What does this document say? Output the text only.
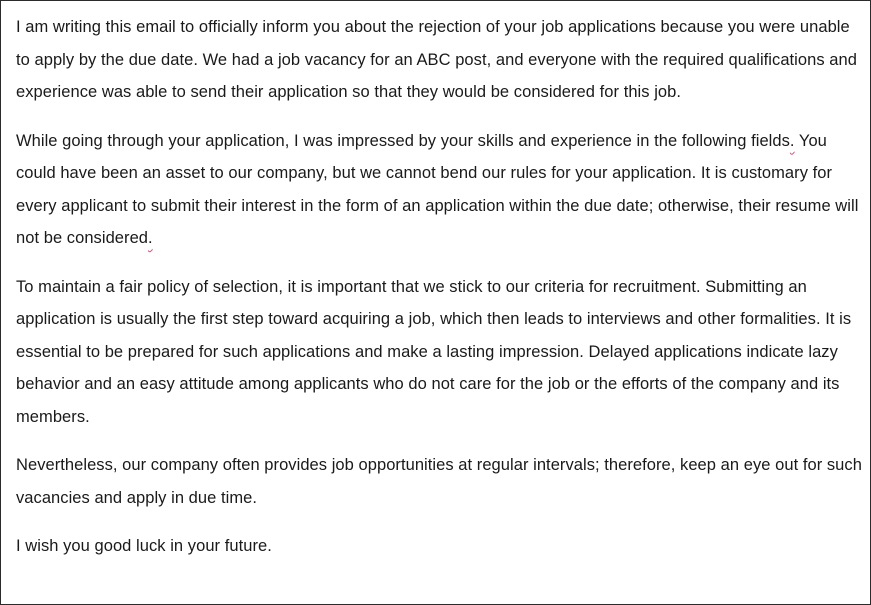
I am writing this email to officially inform you about the rejection of your job applications because you were unable to apply by the due date. We had a job vacancy for an ABC post, and everyone with the required qualifications and experience was able to send their application so that they would be considered for this job.

While going through your application, I was impressed by your skills and experience in the following fields. You could have been an asset to our company, but we cannot bend our rules for your application. It is customary for every applicant to submit their interest in the form of an application within the due date; otherwise, their resume will not be considered.

To maintain a fair policy of selection, it is important that we stick to our criteria for recruitment. Submitting an application is usually the first step toward acquiring a job, which then leads to interviews and other formalities. It is essential to be prepared for such applications and make a lasting impression. Delayed applications indicate lazy behavior and an easy attitude among applicants who do not care for the job or the efforts of the company and its members.

Nevertheless, our company often provides job opportunities at regular intervals; therefore, keep an eye out for such vacancies and apply in due time.

I wish you good luck in your future.
